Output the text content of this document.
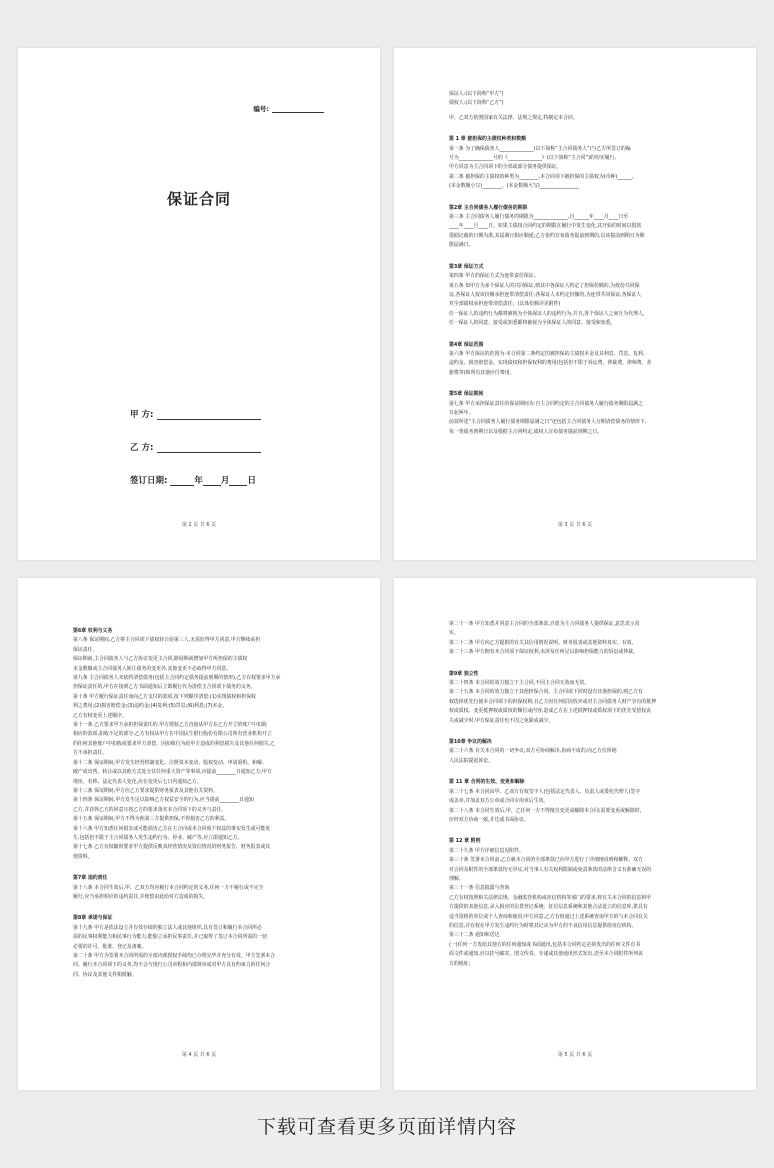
编号:
保证合同
甲 方:
乙 方:
签订日期:	年 月 日
第 2 页 共 6 页

保证人:(以下简称“甲方”)

债权人:(以下简称“乙方”)

甲、乙双方依照国家有关法律、法规之规定,特制定本合同。

第 1 章 被担保的主债权种类和数额

第一条 为了确保债务人______________(以下简称“主合同债务人”)与乙方所签订的编

号为______________号的《______________》(以下简称“主合同”)的切实履行,

甲方同意为主合同项下的全部或部分债务提供保证。

第二条 被担保的主债权的种类为________,本合同项下被担保的主债权为(币种)______,

(本金数额小写)________。(本金数额大写)________________

第2章 主合同债务人履行债务的期限

第三条 主合同债务人履行债务的期限为______________,自______年____月____日至

____年____月____日。如果主债权合同约定的期限在履行中发生变化,其开始的时间以借款

借据记载的日期为准,其届满日相应顺延;乙方依约宣布债务提前到期的,以该提前到期日为期

限届满日。

第3章 保证方式

第四条 甲方的保证方式为连带责任保证。

第五条 如甲方为多个保证人的共同保证,则其中各保证人约定了担保份额的,为按份共同保

证,各保证人按该份额承担连带清偿责任;各保证人未约定份额的,为连带共同保证,各保证人

对全部债权承担连带清偿责任。(具体份额详见附件)

任一保证人的违约行为都将被视为全体保证人的违约行为,并且,各个保证人之间互为代理人,

任一保证人的同意、接受或知悉都将被视为全体保证人的同意、接受和知悉。

第4章 保证范围

第六条 甲方保证的范围为:本合同第二条约定的被担保的主债权本金及其利息、罚息、复利、

违约金、损害赔偿金、实现债权和担保权利的费用(包括但不限于诉讼费、仲裁费、律师费、差

旅费等)和所有其他应付费用。

第5章 保证期间

第七条 甲方承担保证责任的保证期间为:自主合同约定的主合同债务人履行债务期限届满之

日起两年。

前款所述“主合同债务人履行债务期限届满之日”还包括主合同债务人分期清偿债务的情形下,

每一笔债务到期日以及根据主合同约定,债权人宣布债务提前到期之日。

第 3 页 共 6 页

第6章 权利与义务

第八条 保证期间,乙方将主合同项下债权转让给第三人,无需征得甲方同意,甲方继续承担

保证责任。

保证期间,主合同债务人与乙方协议变更主合同,除展期或增加甲方所担保的主债权

本金数额或主合同债务人转让债务的变更外,其他变更不必取得甲方同意。

第九条 主合同债务人未依约清偿债务(包括主合同约定债务提前到期的情形),乙方有权要求甲方承

担保证责任的,甲方在接到乙方书面通知后立即履行代为清偿主合同项下债务的义务。

第十条 甲方履行保证责任而向乙方支付的款项,按下列顺序清偿:(1)实现债权和担保权

利之费用;(2)损害赔偿金;(3)违约金;(4)复利;(5)罚息;(6)利息;(7)本金。

乙方有权变更上述顺序。

第十一条 乙方要求甲方承担担保责任的,甲方授权乙方直接从甲方在乙方开立的账户中扣收

相应的款项,扣收不足的部分,乙方有权从甲方在中国民生银行股份有限公司所有营业机构开立

的任何其他账户中扣收或要求甲方清偿。因扣收行为给甲方造成的利息损失及其他任何损失,乙

方不承担责任。

第十二条 保证期间,甲方发生经营机制变化、注册资本变动、股权变动、申请重组、和解、

破产或出售、转让或以其他方式处分其任何重大资产等事项,应提前________日通知乙方;甲方

地址、名称、法定代表人变化,应在变更后七日内通知乙方。

第十三条 保证期间,甲方应乙方要求提供财务报表及其他有关资料。

第十四条 保证期间,甲方发生足以影响乙方权益安全的行为,应当提前________日通知

乙方,并获得乙方的同意且按乙方的要求落实本合同项下的义务与责任。

第十五条 保证期间,甲方不得为他第三方提供担保,不得损害乙方的利益。

第十六条 甲方知悉任何损害或可能损害乙方在主合同或本合同项下权益的事实发生或可能发

生,包括但不限于主合同债务人发生违约行为、停业、破产等,应立即通知乙方。

第十七条 乙方有权随时要求甲方提供反映其经营情况及资信情况的财务报告、财务报表或其

他资料。

第7章 违约责任

第十八条 本合同生效后,甲、乙双方均应履行本合同约定的义务,任何一方不履行或不完全

履行,应当承担相应的违约责任,并赔偿由此给对方造成的损失。

第8章 承诺与保证

第十九条 甲方是依法设立并有效存续的独立法人或其他组织,具有签订和履行本合同所必

需的民事权利能力和民事行为能力,能独立承担民事责任,并已取得了签订本合同所需的一切

必要的许可、批准、登记及备案。

第二十条 甲方为签署本合同所需的全部内部授权手续均已办理完毕并充分有效。甲方签署本合

同、履行本合同项下的义务,均不会与现行公司章程和内部规章或对甲方具有约束力的任何合

同、协议及其他文件相抵触。

第 4 页 共 6 页

第二十一条 甲方知悉并同意主合同的全部条款,自愿为主合同债务人提供保证,意思表示真

实。

第二十二条 甲方向乙方提供的有关其信用情况说明、财务报表或其他资料真实、有效。

第二十三条 甲方拥有本合同项下保证权利,未涉及任何足以影响担保能力的诉讼或仲裁。

第9章 独立性

第二十四条 本合同的效力独立于主合同,不因主合同无效而无效。

第二十五条 本合同的效力独立于其他担保合同。主合同项下同时设有其他担保的,则乙方有

权选择优先行使本合同项下的担保权利,且乙方因任何原因放弃或对主合同债务人财产享有的抵押

权或质权、变更抵押权或质权的顺位或内容,造成乙方在上述抵押权或质权项下的优先受偿权丧

失或减少时,甲方保证责任也不因之免除或减少。

第10章 争议的解决

第二十六条 有关本合同的一切争议,双方可协商解决,协商不成的,向乙方住所地

人民法院提起诉讼。

第 11 章 合同的生效、变更和解除

第二十七条 本合同由甲、乙双方有权签字人(包括法定代表人、负责人或委托代理人)签字

或盖章,并加盖双方公章或合同专用章后生效。

第二十八条 本合同生效后,甲、乙任何一方不得擅自变更或解除本合同;需要变更或解除时,

应经双方协商一致,并达成书面协议。

第 12 章 附则

第二十九条 甲方详细信息见附件。

第三十条 签署本合同前,乙方就本合同的全部条款已向甲方进行了详细地说明和解释。双方

对合同及附件的全部条款均无异议,对当事人有关权利限制或免责条款的法律含义有准确无误的

理解。

第三十一条 信息披露与查询

乙方有权按照相关法律法规、金融监管机构或征信机构等部门的要求,将有关本合同的信息和甲

方提供的其他信息,录入相应的信贷登记系统、征信信息系统和其他合法设立的信息库,供具有

适当资格的单位或个人查询和使用;甲方同意,乙方有权通过上述系统查询甲方的与本合同有关

的信息,并有权在甲方发生违约行为时将其记录为甲方的不良信用信息提供给征信机构。

第三十二条 通知和送达

(一)任何一方发给其他方的任何通知或书面通讯,包括本合同约定必须发出的任何文件有书

面文件或通知,应以挂号邮寄、图文传真、专递或其他通讯形式发出,送至本合同附件所列该

方的地址;

第 5 页 共 6 页
下载可查看更多页面详情内容
